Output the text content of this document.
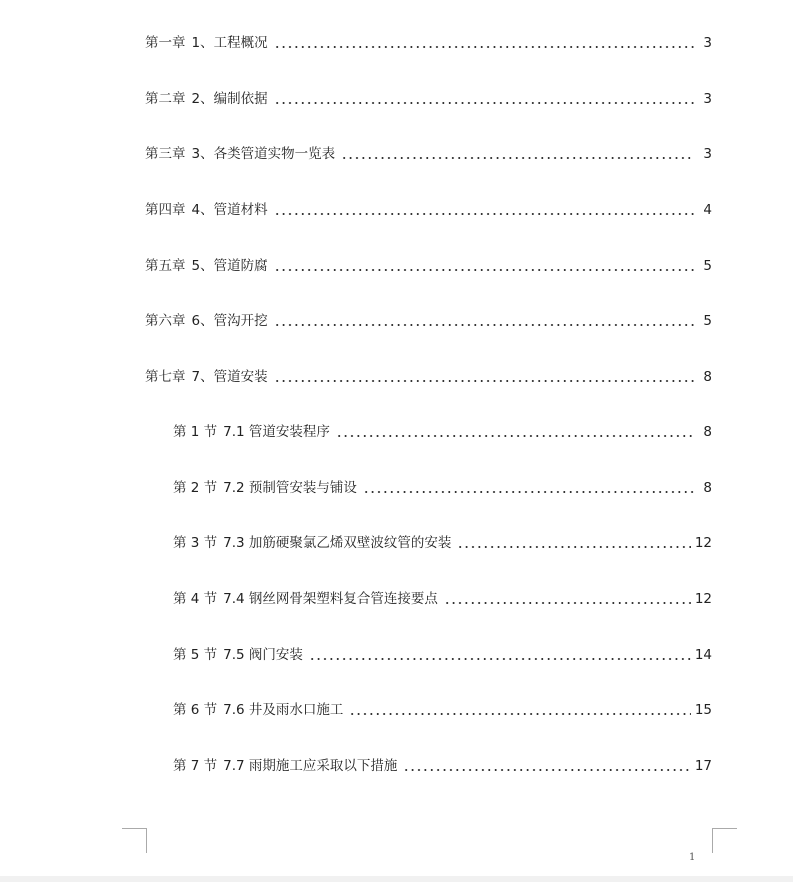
第一章 1、工程概况	3
第二章 2、编制依据	3
第三章 3、各类管道实物一览表	3
第四章 4、管道材料	4
第五章 5、管道防腐	5
第六章 6、管沟开挖	5
第七章 7、管道安装	8
第 1 节 7.1 管道安装程序	8
第 2 节 7.2 预制管安装与铺设	8
第 3 节 7.3 加筋硬聚氯乙烯双壁波纹管的安装	12
第 4 节 7.4 钢丝网骨架塑料复合管连接要点	12
第 5 节 7.5 阀门安装	14
第 6 节 7.6 井及雨水口施工	15
第 7 节 7.7 雨期施工应采取以下措施	17
1
